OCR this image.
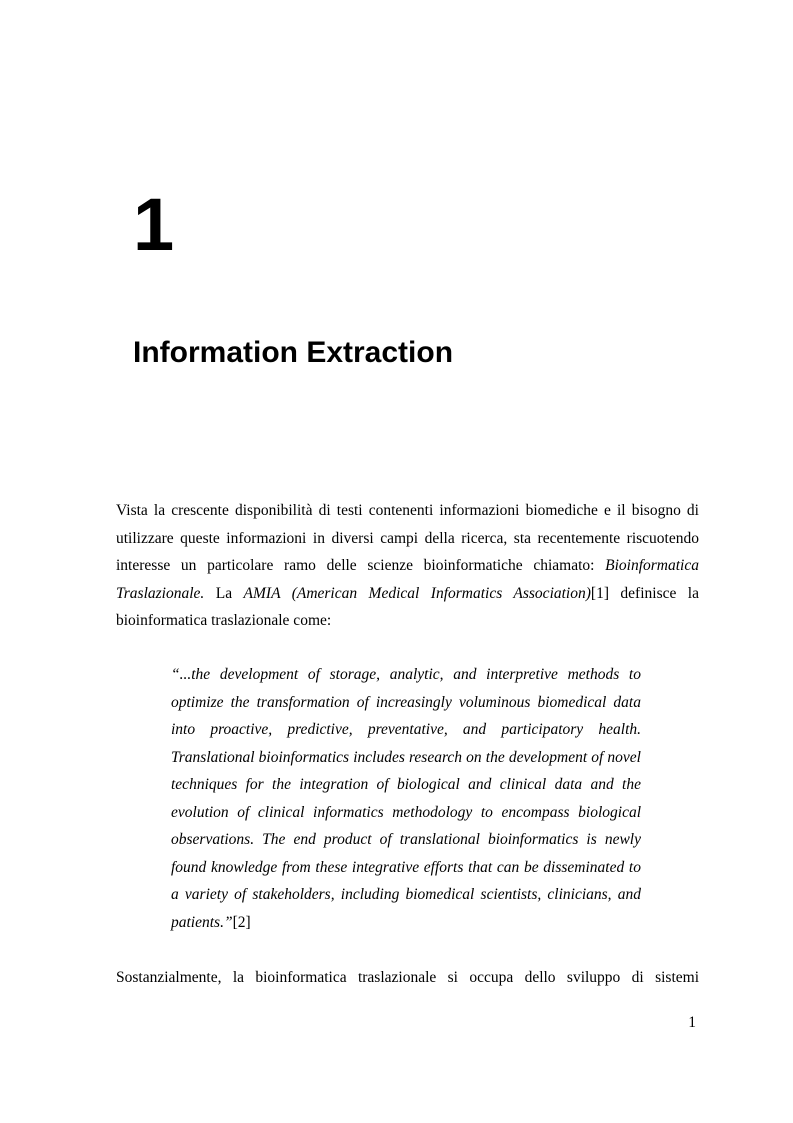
1
Information Extraction

Vista la crescente disponibilità di testi contenenti informazioni biomediche e il bisogno di utilizzare queste informazioni in diversi campi della ricerca, sta recentemente riscuotendo interesse un particolare ramo delle scienze bioinformatiche chiamato: Bioinformatica Traslazionale. La AMIA (American Medical Informatics Association)[1] definisce la bioinformatica traslazionale come:

“...the development of storage, analytic, and interpretive methods to optimize the transformation of increasingly voluminous biomedical data into proactive, predictive, preventative, and participatory health. Translational bioinformatics includes research on the development of novel techniques for the integration of biological and clinical data and the evolution of clinical informatics methodology to encompass biological observations. The end product of translational bioinformatics is newly found knowledge from these integrative efforts that can be disseminated to a variety of stakeholders, including biomedical scientists, clinicians, and patients.”[2]

Sostanzialmente, la bioinformatica traslazionale si occupa dello sviluppo di sistemi

1
